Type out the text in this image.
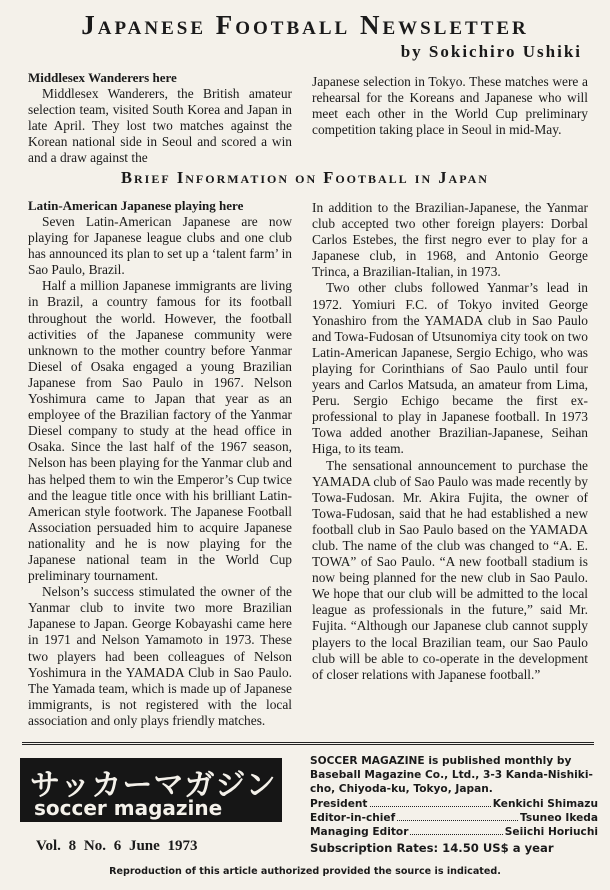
Japanese Football Newsletter
by Sokichiro Ushiki
Middlesex Wanderers here

Middlesex Wanderers, the British amateur selection team, visited South Korea and Japan in late April. They lost two matches against the Korean national side in Seoul and scored a win and a draw against the

Japanese selection in Tokyo. These matches were a rehearsal for the Koreans and Japanese who will meet each other in the World Cup preliminary competition taking place in Seoul in mid-May.

Brief Information on Football in Japan
Latin-American Japanese playing here

Seven Latin-American Japanese are now playing for Japanese league clubs and one club has announced its plan to set up a ‘talent farm’ in Sao Paulo, Brazil.

Half a million Japanese immigrants are living in Brazil, a country famous for its football throughout the world. However, the football activities of the Japanese community were unknown to the mother country before Yanmar Diesel of Osaka engaged a young Brazilian Japanese from Sao Paulo in 1967. Nelson Yoshimura came to Japan that year as an employee of the Brazilian factory of the Yanmar Diesel company to study at the head office in Osaka. Since the last half of the 1967 season, Nelson has been playing for the Yanmar club and has helped them to win the Emperor’s Cup twice and the league title once with his brilliant Latin-American style footwork. The Japanese Football Association persuaded him to acquire Japanese nationality and he is now playing for the Japanese national team in the World Cup preliminary tournament.

Nelson’s success stimulated the owner of the Yanmar club to invite two more Brazilian Japanese to Japan. George Kobayashi came here in 1971 and Nelson Yamamoto in 1973. These two players had been colleagues of Nelson Yoshimura in the YAMADA Club in Sao Paulo. The Yamada team, which is made up of Japanese immigrants, is not registered with the local association and only plays friendly matches.

In addition to the Brazilian-Japanese, the Yanmar club accepted two other foreign players: Dorbal Carlos Estebes, the first negro ever to play for a Japanese club, in 1968, and Antonio George Trinca, a Brazilian-Italian, in 1973.

Two other clubs followed Yanmar’s lead in 1972. Yomiuri F.C. of Tokyo invited George Yonashiro from the YAMADA club in Sao Paulo and Towa-Fudosan of Utsunomiya city took on two Latin-American Japanese, Sergio Echigo, who was playing for Corinthians of Sao Paulo until four years and Carlos Matsuda, an amateur from Lima, Peru. Sergio Echigo became the first ex-professional to play in Japanese football. In 1973 Towa added another Brazilian-Japanese, Seihan Higa, to its team.

The sensational announcement to purchase the YAMADA club of Sao Paulo was made recently by Towa-Fudosan. Mr. Akira Fujita, the owner of Towa-Fudosan, said that he had established a new football club in Sao Paulo based on the YAMADA club. The name of the club was changed to “A. E. TOWA” of Sao Paulo. “A new football stadium is now being planned for the new club in Sao Paulo. We hope that our club will be admitted to the local league as professionals in the future,” said Mr. Fujita. “Although our Japanese club cannot supply players to the local Brazilian team, our Sao Paulo club will be able to co-operate in the development of closer relations with Japanese football.”

サッカーマガジン
soccer magazine
Vol. 8 No. 6 June 1973
SOCCER MAGAZINE is published monthly by Baseball Magazine Co., Ltd., 3-3 Kanda-Nishiki-cho, Chiyoda-ku, Tokyo, Japan.
President	Kenkichi Shimazu
Editor-in-chief	Tsuneo Ikeda
Managing Editor	Seiichi Horiuchi
Subscription Rates: 14.50 US$ a year
Reproduction of this article authorized provided the source is indicated.
